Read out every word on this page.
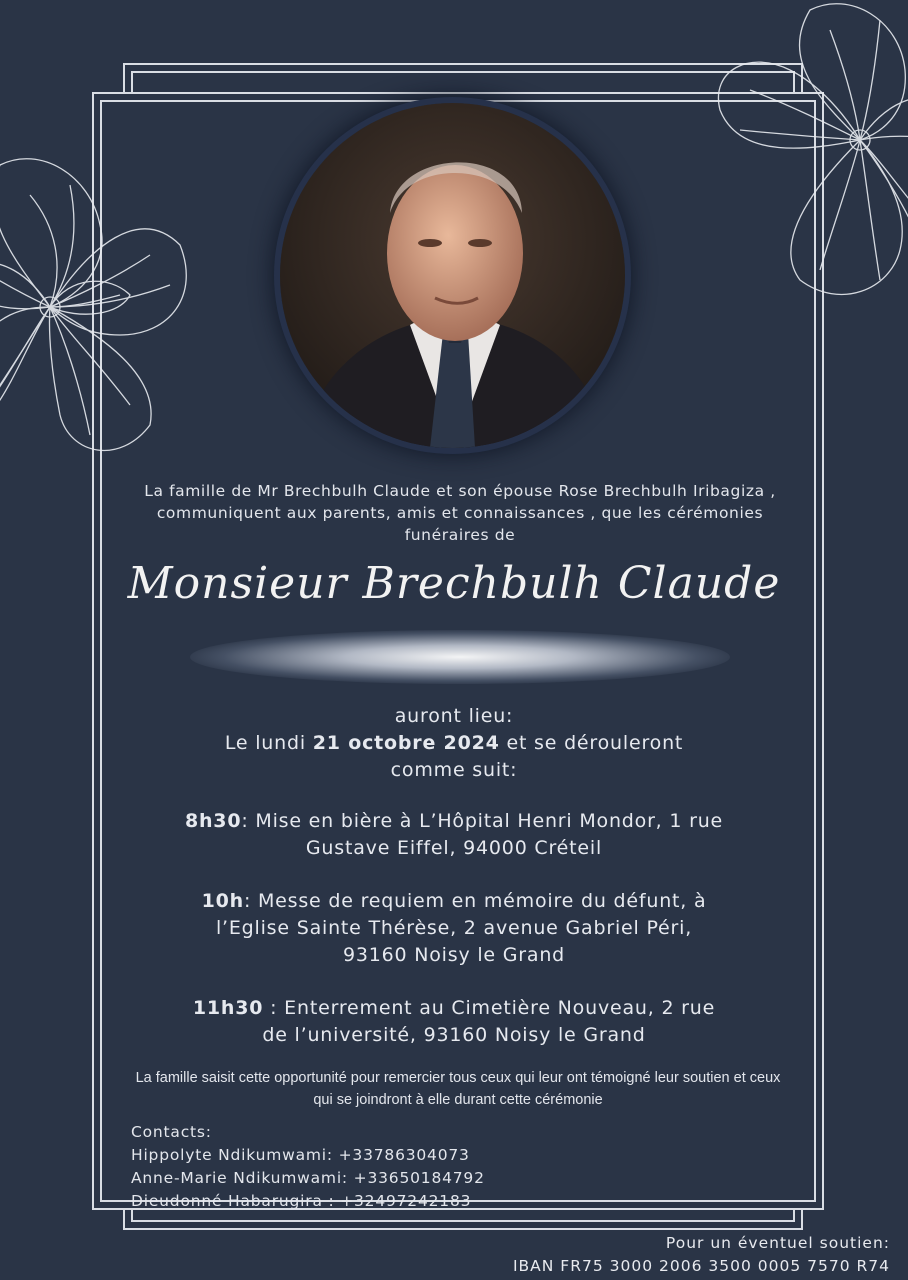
La famille de Mr Brechbulh Claude et son épouse Rose Brechbulh Iribagiza , communiquent aux parents, amis et connaissances , que les cérémonies funéraires de
Monsieur Brechbulh Claude
auront lieu:
Le lundi 21 octobre 2024 et se dérouleront
comme suit:
8h30: Mise en bière à L’Hôpital Henri Mondor, 1 rue Gustave Eiffel, 94000 Créteil
10h: Messe de requiem en mémoire du défunt, à l’Eglise Sainte Thérèse, 2 avenue Gabriel Péri, 93160 Noisy le Grand
11h30 : Enterrement au Cimetière Nouveau, 2 rue de l’université, 93160 Noisy le Grand
La famille saisit cette opportunité pour remercier tous ceux qui leur ont témoigné leur soutien et ceux qui se joindront à elle durant cette cérémonie
Contacts:
Hippolyte Ndikumwami: +33786304073
Anne-Marie Ndikumwami: +33650184792
Dieudonné Habarugira : +32497242183
Pour un éventuel soutien:
IBAN FR75 3000 2006 3500 0005 7570 R74
